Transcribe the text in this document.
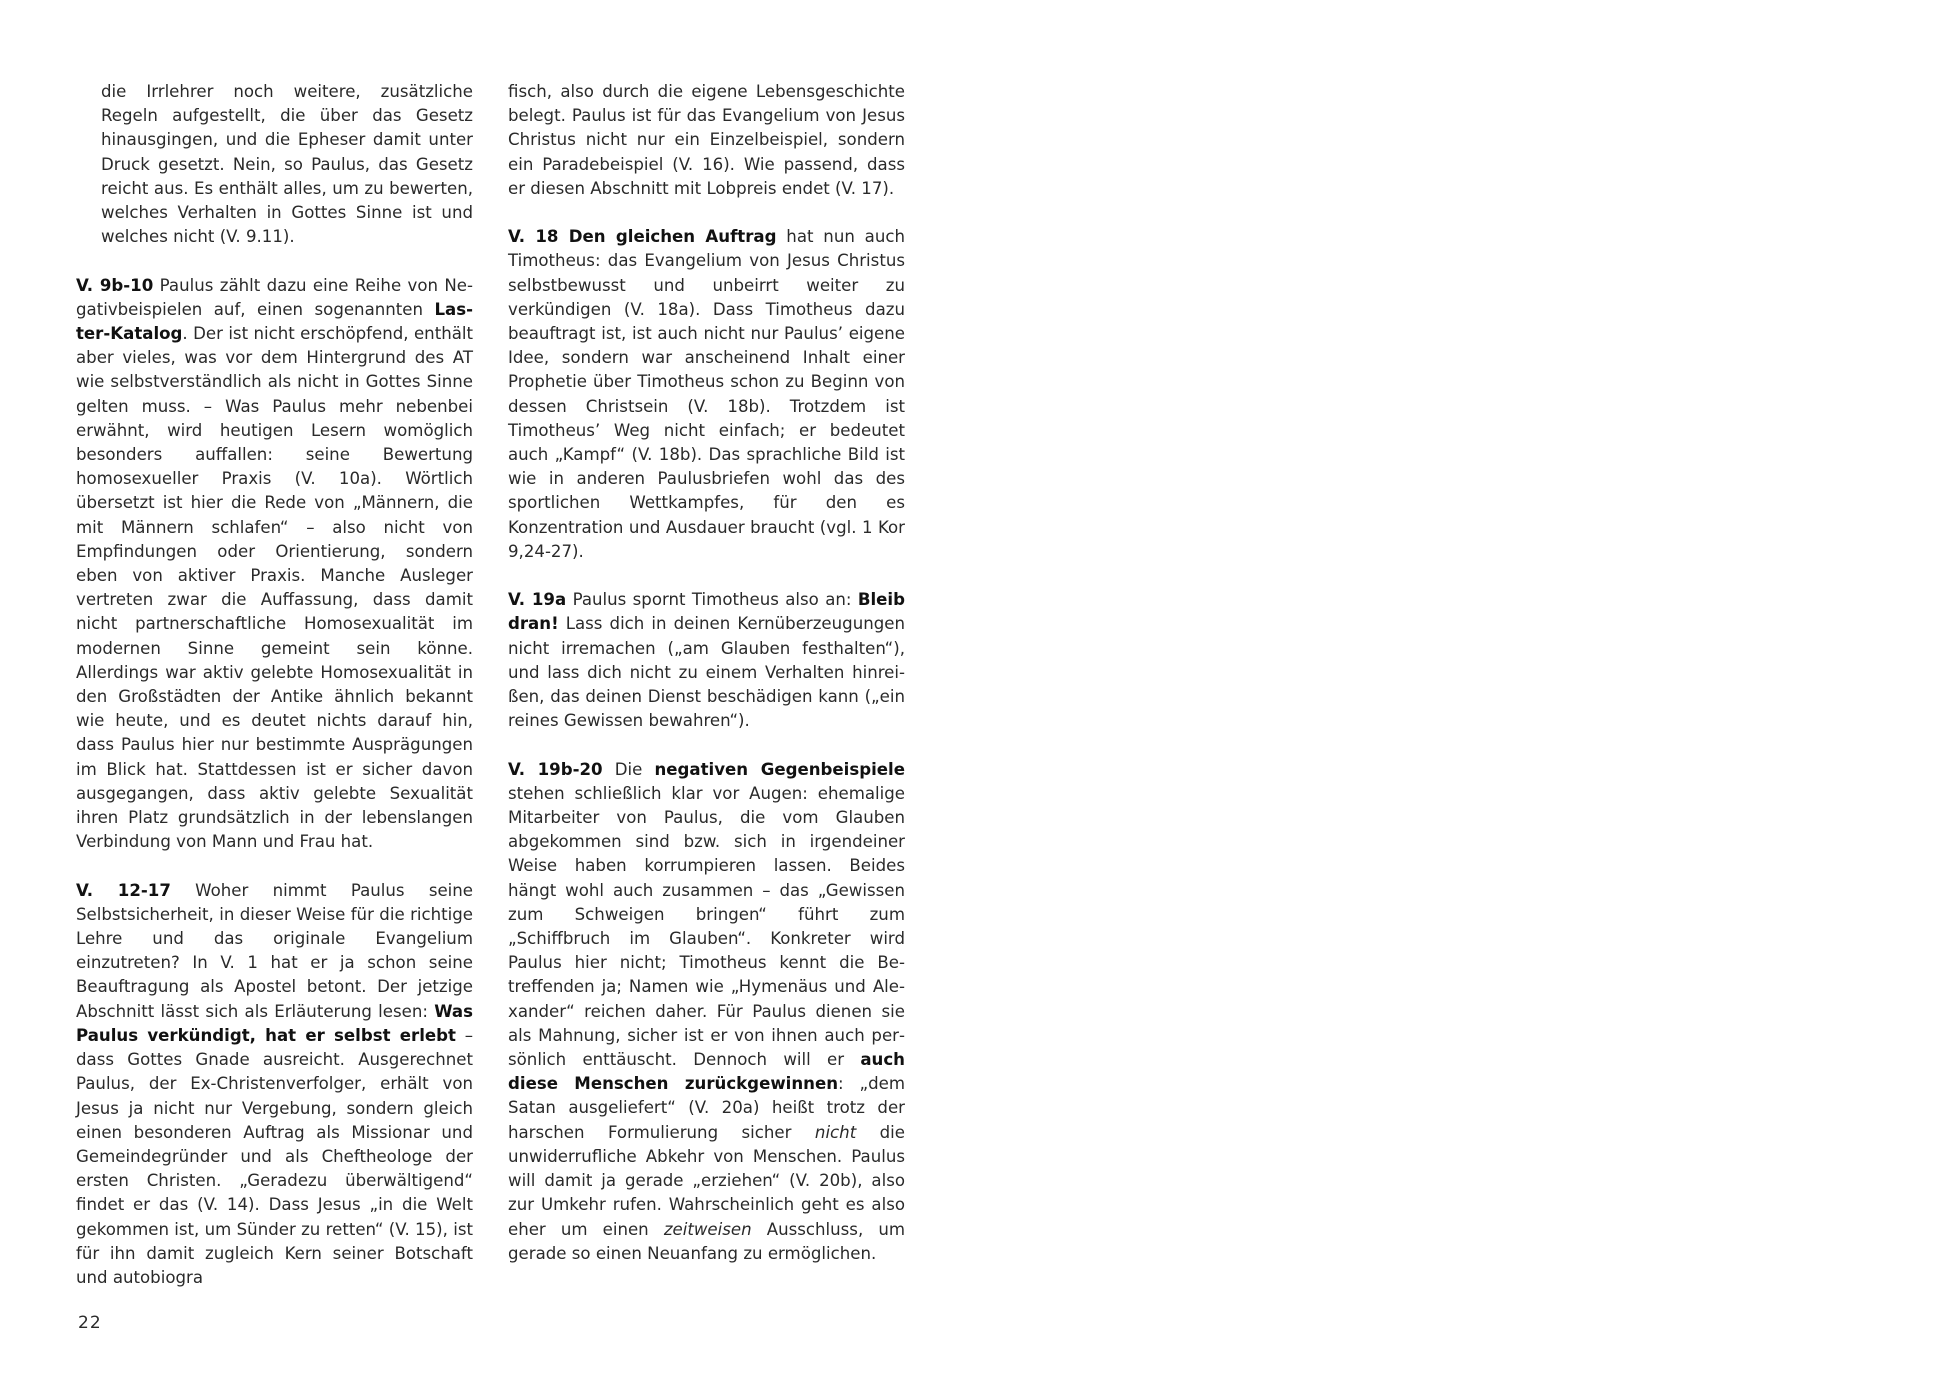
die Irrlehrer noch weitere, zusätzliche Regeln aufgestellt, die über das Gesetz hinausgingen, und die Epheser damit unter Druck gesetzt. Nein, so Paulus, das Gesetz reicht aus. Es enthält alles, um zu bewerten, welches Verhalten in Gottes Sinne ist und welches nicht (V. 9.11).

V. 9b-10 Paulus zählt dazu eine Reihe von Negativbeispielen auf, einen sogenannten Laster-Katalog. Der ist nicht erschöpfend, enthält aber vieles, was vor dem Hintergrund des AT wie selbstverständlich als nicht in Gottes Sinne gelten muss. – Was Paulus mehr nebenbei erwähnt, wird heutigen Lesern womöglich besonders auffallen: seine Bewertung homosexueller Praxis (V. 10a). Wörtlich übersetzt ist hier die Rede von „Männern, die mit Männern schlafen“ – also nicht von Empfindungen oder Orientierung, sondern eben von aktiver Praxis. Manche Ausleger vertreten zwar die Auffassung, dass damit nicht partnerschaftliche Homosexualität im modernen Sinne gemeint sein könne. Allerdings war aktiv gelebte Homosexualität in den Großstädten der Antike ähnlich bekannt wie heute, und es deutet nichts darauf hin, dass Paulus hier nur bestimmte Ausprägungen im Blick hat. Stattdessen ist er sicher davon ausgegangen, dass aktiv gelebte Sexualität ihren Platz grundsätzlich in der lebenslangen Verbindung von Mann und Frau hat.

V. 12-17 Woher nimmt Paulus seine Selbstsicherheit, in dieser Weise für die richtige Lehre und das originale Evangelium einzutreten? In V. 1 hat er ja schon seine Beauftragung als Apostel betont. Der jetzige Abschnitt lässt sich als Erläuterung lesen: Was Paulus verkündigt, hat er selbst erlebt – dass Gottes Gnade ausreicht. Ausgerechnet Paulus, der Ex-Christenverfolger, erhält von Jesus ja nicht nur Vergebung, sondern gleich einen besonderen Auftrag als Missionar und Gemeindegründer und als Cheftheologe der ersten Christen. „Geradezu überwältigend“ findet er das (V. 14). Dass Jesus „in die Welt gekommen ist, um Sünder zu retten“ (V. 15), ist für ihn damit zugleich Kern seiner Botschaft und autobiogra

fisch, also durch die eigene Lebensgeschichte belegt. Paulus ist für das Evangelium von Jesus Christus nicht nur ein Einzelbeispiel, sondern ein Paradebeispiel (V. 16). Wie passend, dass er diesen Abschnitt mit Lobpreis endet (V. 17).

V. 18 Den gleichen Auftrag hat nun auch Timotheus: das Evangelium von Jesus Christus selbstbewusst und unbeirrt weiter zu verkündigen (V. 18a). Dass Timotheus dazu beauftragt ist, ist auch nicht nur Paulus’ eigene Idee, sondern war anscheinend Inhalt einer Prophetie über Timotheus schon zu Beginn von dessen Christsein (V. 18b). Trotzdem ist Timotheus’ Weg nicht einfach; er bedeutet auch „Kampf“ (V. 18b). Das sprachliche Bild ist wie in anderen Paulusbriefen wohl das des sportlichen Wettkampfes, für den es Konzentration und Ausdauer braucht (vgl. 1 Kor 9,24-27).

V. 19a Paulus spornt Timotheus also an: Bleib dran! Lass dich in deinen Kernüberzeugungen nicht irremachen („am Glauben festhalten“), und lass dich nicht zu einem Verhalten hinreißen, das deinen Dienst beschädigen kann („ein reines Gewissen bewahren“).

V. 19b-20 Die negativen Gegenbeispiele stehen schließlich klar vor Augen: ehemalige Mitarbeiter von Paulus, die vom Glauben abgekommen sind bzw. sich in irgendeiner Weise haben korrumpieren lassen. Beides hängt wohl auch zusammen – das „Gewissen zum Schweigen bringen“ führt zum „Schiffbruch im Glauben“. Konkreter wird Paulus hier nicht; Timotheus kennt die Betreffenden ja; Namen wie „Hymenäus und Alexander“ reichen daher. Für Paulus dienen sie als Mahnung, sicher ist er von ihnen auch persönlich enttäuscht. Dennoch will er auch diese Menschen zurückgewinnen: „dem Satan ausgeliefert“ (V. 20a) heißt trotz der harschen Formulierung sicher nicht die unwiderrufliche Abkehr von Menschen. Paulus will damit ja gerade „erziehen“ (V. 20b), also zur Umkehr rufen. Wahrscheinlich geht es also eher um einen zeitweisen Ausschluss, um gerade so einen Neuanfang zu ermöglichen.

22
